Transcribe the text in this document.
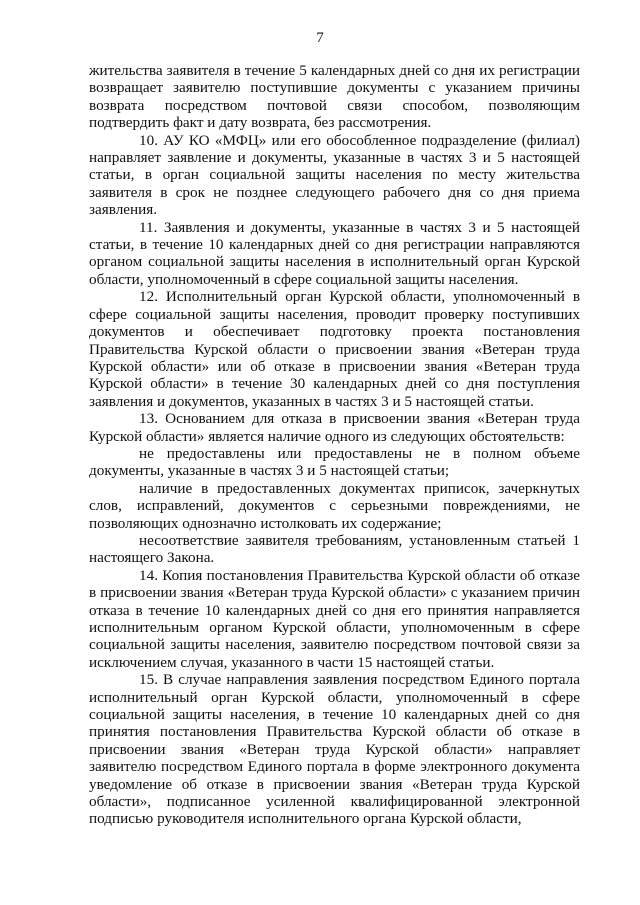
7

жительства заявителя в течение 5 календарных дней со дня их регистрации возвращает заявителю поступившие документы с указанием причины возврата посредством почтовой связи способом, позволяющим подтвердить факт и дату возврата, без рассмотрения.

10. АУ КО «МФЦ» или его обособленное подразделение (филиал) направляет заявление и документы, указанные в частях 3 и 5 настоящей статьи, в орган социальной защиты населения по месту жительства заявителя в срок не позднее следующего рабочего дня со дня приема заявления.

11. Заявления и документы, указанные в частях 3 и 5 настоящей статьи, в течение 10 календарных дней со дня регистрации направляются органом социальной защиты населения в исполнительный орган Курской области, уполномоченный в сфере социальной защиты населения.

12. Исполнительный орган Курской области, уполномоченный в сфере социальной защиты населения, проводит проверку поступивших документов и обеспечивает подготовку проекта постановления Правительства Курской области о присвоении звания «Ветеран труда Курской области» или об отказе в присвоении звания «Ветеран труда Курской области» в течение 30 календарных дней со дня поступления заявления и документов, указанных в частях 3 и 5 настоящей статьи.

13. Основанием для отказа в присвоении звания «Ветеран труда Курской области» является наличие одного из следующих обстоятельств:

не предоставлены или предоставлены не в полном объеме документы, указанные в частях 3 и 5 настоящей статьи;

наличие в предоставленных документах приписок, зачеркнутых слов, исправлений, документов с серьезными повреждениями, не позволяющих однозначно истолковать их содержание;

несоответствие заявителя требованиям, установленным статьей 1 настоящего Закона.

14. Копия постановления Правительства Курской области об отказе в присвоении звания «Ветеран труда Курской области» с указанием причин отказа в течение 10 календарных дней со дня его принятия направляется исполнительным органом Курской области, уполномоченным в сфере социальной защиты населения, заявителю посредством почтовой связи за исключением случая, указанного в части 15 настоящей статьи.

15. В случае направления заявления посредством Единого портала исполнительный орган Курской области, уполномоченный в сфере социальной защиты населения, в течение 10 календарных дней со дня принятия постановления Правительства Курской области об отказе в присвоении звания «Ветеран труда Курской области» направляет заявителю посредством Единого портала в форме электронного документа уведомление об отказе в присвоении звания «Ветеран труда Курской области», подписанное усиленной квалифицированной электронной подписью руководителя исполнительного органа Курской области,
